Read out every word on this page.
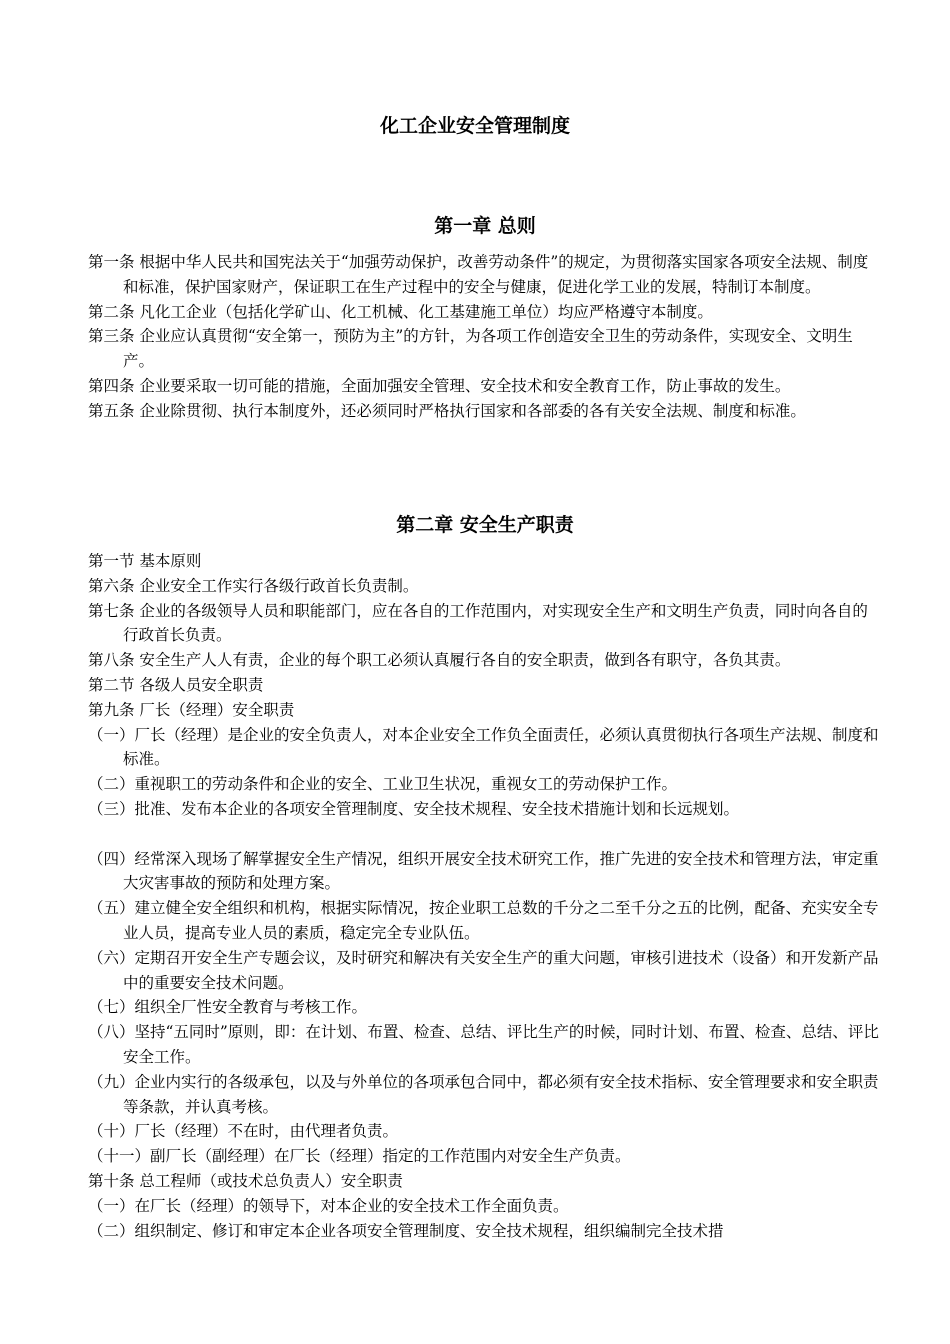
化工企业安全管理制度
第一章 总则

第一条 根据中华人民共和国宪法关于“加强劳动保护，改善劳动条件”的规定，为贯彻落实国家各项安全法规、制度和标准，保护国家财产，保证职工在生产过程中的安全与健康，促进化学工业的发展，特制订本制度。

第二条 凡化工企业（包括化学矿山、化工机械、化工基建施工单位）均应严格遵守本制度。

第三条 企业应认真贯彻“安全第一，预防为主”的方针，为各项工作创造安全卫生的劳动条件，实现安全、文明生产。

第四条 企业要采取一切可能的措施，全面加强安全管理、安全技术和安全教育工作，防止事故的发生。

第五条 企业除贯彻、执行本制度外，还必须同时严格执行国家和各部委的各有关安全法规、制度和标准。

第二章 安全生产职责

第一节 基本原则

第六条 企业安全工作实行各级行政首长负责制。

第七条 企业的各级领导人员和职能部门，应在各自的工作范围内，对实现安全生产和文明生产负责，同时向各自的行政首长负责。

第八条 安全生产人人有责，企业的每个职工必须认真履行各自的安全职责，做到各有职守，各负其责。

第二节 各级人员安全职责

第九条 厂长（经理）安全职责

（一）厂长（经理）是企业的安全负责人，对本企业安全工作负全面责任，必须认真贯彻执行各项生产法规、制度和标准。

（二）重视职工的劳动条件和企业的安全、工业卫生状况，重视女工的劳动保护工作。

（三）批准、发布本企业的各项安全管理制度、安全技术规程、安全技术措施计划和长远规划。

（四）经常深入现场了解掌握安全生产情况，组织开展安全技术研究工作，推广先进的安全技术和管理方法，审定重大灾害事故的预防和处理方案。

（五）建立健全安全组织和机构，根据实际情况，按企业职工总数的千分之二至千分之五的比例，配备、充实安全专业人员，提高专业人员的素质，稳定完全专业队伍。

（六）定期召开安全生产专题会议，及时研究和解决有关安全生产的重大问题，审核引进技术（设备）和开发新产品中的重要安全技术问题。

（七）组织全厂性安全教育与考核工作。

（八）坚持“五同时”原则，即：在计划、布置、检查、总结、评比生产的时候，同时计划、布置、检查、总结、评比安全工作。

（九）企业内实行的各级承包，以及与外单位的各项承包合同中，都必须有安全技术指标、安全管理要求和安全职责等条款，并认真考核。

（十）厂长（经理）不在时，由代理者负责。

（十一）副厂长（副经理）在厂长（经理）指定的工作范围内对安全生产负责。

第十条 总工程师（或技术总负责人）安全职责

（一）在厂长（经理）的领导下，对本企业的安全技术工作全面负责。

（二）组织制定、修订和审定本企业各项安全管理制度、安全技术规程，组织编制完全技术措
